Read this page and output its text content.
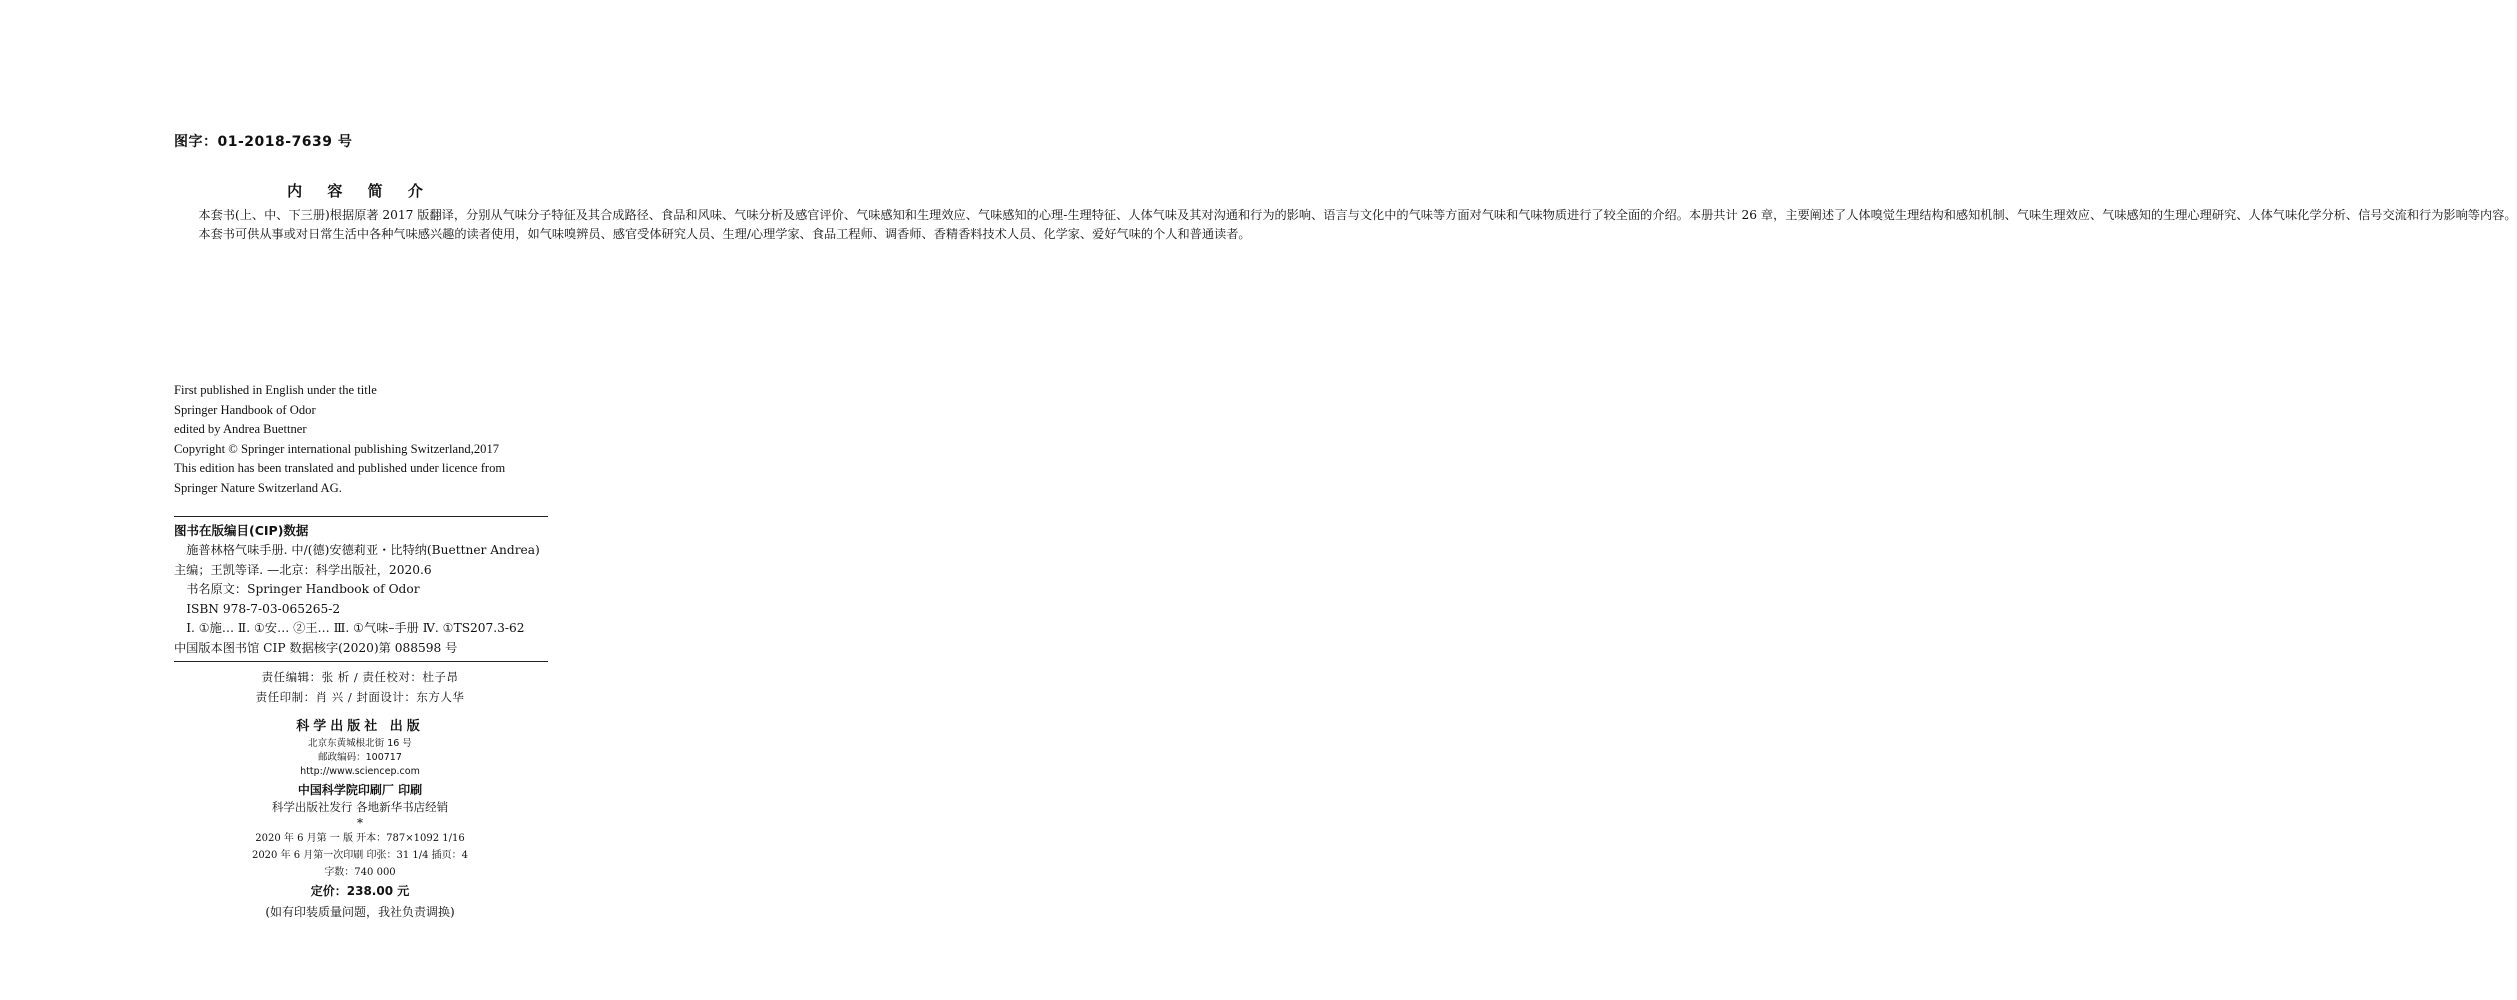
图字：01-2018-7639 号
内 容 简 介

本套书(上、中、下三册)根据原著 2017 版翻译，分别从气味分子特征及其合成路径、食品和风味、气味分析及感官评价、气味感知和生理效应、气味感知的心理-生理特征、人体气味及其对沟通和行为的影响、语言与文化中的气味等方面对气味和气味物质进行了较全面的介绍。本册共计 26 章，主要阐述了人体嗅觉生理结构和感知机制、气味生理效应、气味感知的生理心理研究、人体气味化学分析、信号交流和行为影响等内容。

本套书可供从事或对日常生活中各种气味感兴趣的读者使用，如气味嗅辨员、感官受体研究人员、生理/心理学家、食品工程师、调香师、香精香料技术人员、化学家、爱好气味的个人和普通读者。

First published in English under the title
Springer Handbook of Odor
edited by Andrea Buettner
Copyright © Springer international publishing Switzerland,2017
This edition has been translated and published under licence from
Springer Nature Switzerland AG.
图书在版编目(CIP)数据
施普林格气味手册. 中/(德)安德莉亚・比特纳(Buettner Andrea)主编；王凯等译. —北京：科学出版社，2020.6
书名原文：Springer Handbook of Odor
ISBN 978-7-03-065265-2
Ⅰ. ①施… Ⅱ. ①安… ②王… Ⅲ. ①气味–手册 Ⅳ. ①TS207.3-62
中国版本图书馆 CIP 数据核字(2020)第 088598 号
责任编辑：张 析 / 责任校对：杜子昂
责任印制：肖 兴 / 封面设计：东方人华
科学出版社 出版
北京东黄城根北街 16 号
邮政编码：100717
http://www.sciencep.com
中国科学院印刷厂 印刷
科学出版社发行 各地新华书店经销
*
2020 年 6 月第 一 版 开本：787×1092 1/16
2020 年 6 月第一次印刷 印张：31 1/4 插页：4
字数：740 000
定价：238.00 元
(如有印装质量问题，我社负责调换)
